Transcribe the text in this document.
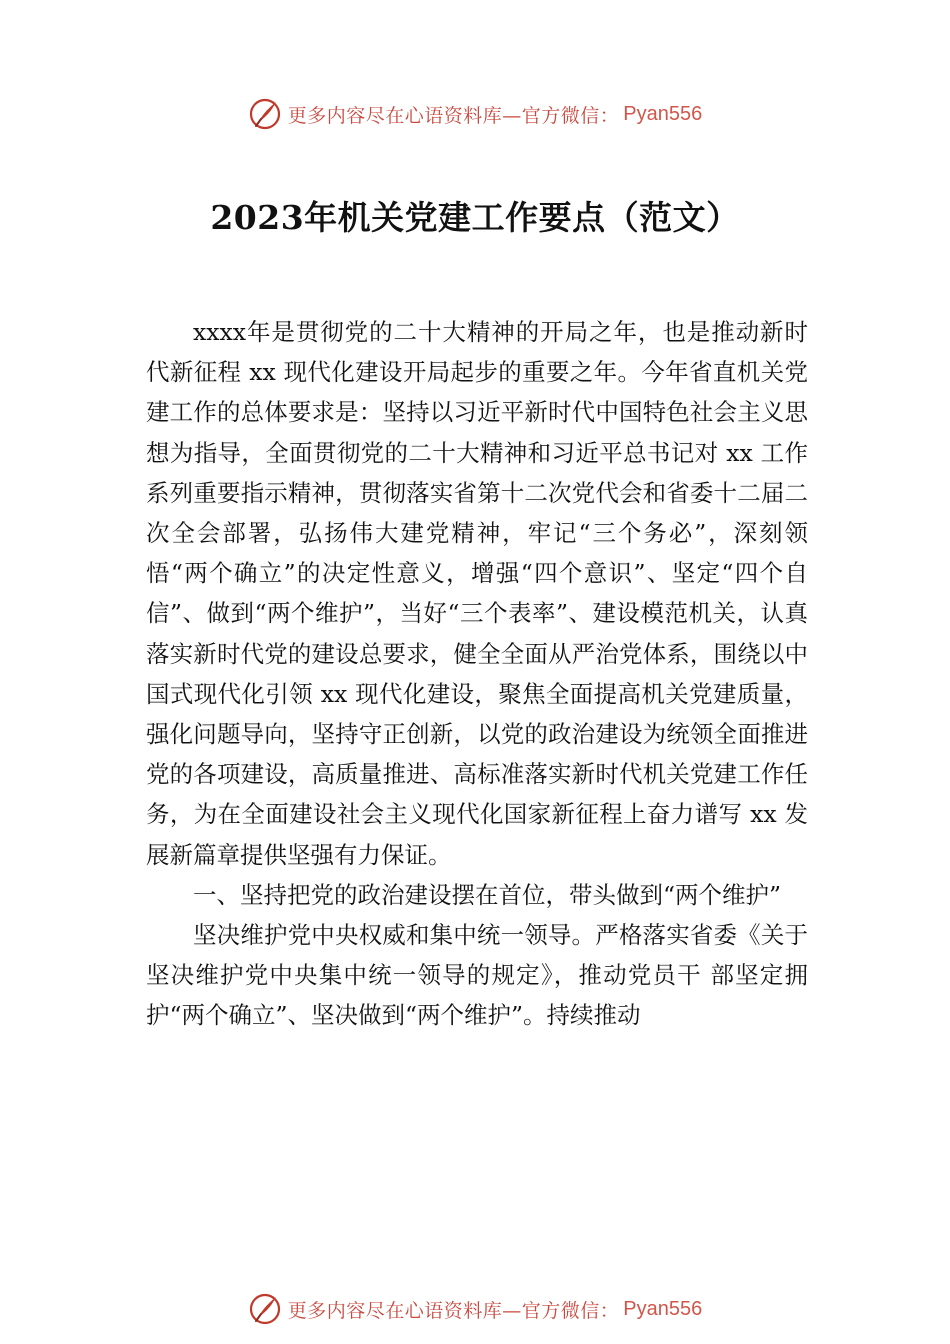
更多内容尽在心语资料库—官方微信： Pyan556
2023年机关党建工作要点（范文）

xxxx年是贯彻党的二十大精神的开局之年，也是推动新时代新征程 xx 现代化建设开局起步的重要之年。今年省直机关党建工作的总体要求是：坚持以习近平新时代中国特色社会主义思想为指导，全面贯彻党的二十大精神和习近平总书记对 xx 工作系列重要指示精神，贯彻落实省第十二次党代会和省委十二届二次全会部署，弘扬伟大建党精神，牢记“三个务必”，深刻领悟“两个确立”的决定性意义，增强“四个意识”、坚定“四个自信”、做到“两个维护”，当好“三个表率”、建设模范机关，认真落实新时代党的建设总要求，健全全面从严治党体系，围绕以中国式现代化引领 xx 现代化建设，聚焦全面提高机关党建质量，强化问题导向，坚持守正创新，以党的政治建设为统领全面推进党的各项建设，高质量推进、高标准落实新时代机关党建工作任务，为在全面建设社会主义现代化国家新征程上奋力谱写 xx 发展新篇章提供坚强有力保证。

一、坚持把党的政治建设摆在首位，带头做到“两个维护”

坚决维护党中央权威和集中统一领导。严格落实省委《关于坚决维护党中央集中统一领导的规定》，推动党员干 部坚定拥护“两个确立”、坚决做到“两个维护”。持续推动

更多内容尽在心语资料库—官方微信： Pyan556
